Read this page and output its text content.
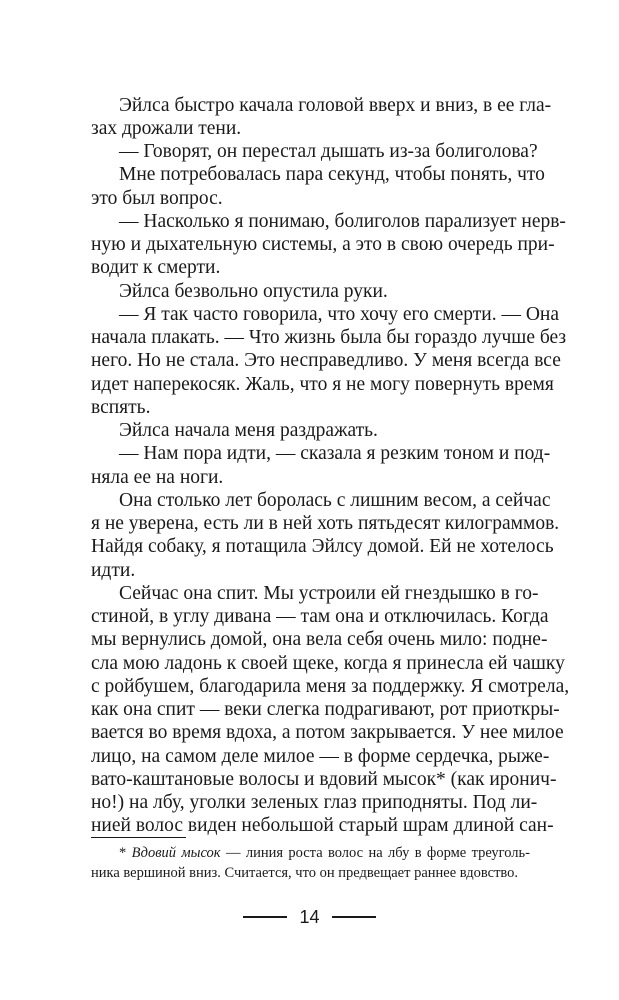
Эйлса быстро качала головой вверх и вниз, в ее гла-
зах дрожали тени.
— Говорят, он перестал дышать из-за болиголова?
Мне потребовалась пара секунд, чтобы понять, что
это был вопрос.
— Насколько я понимаю, болиголов парализует нерв-
ную и дыхательную системы, а это в свою очередь при-
водит к смерти.
Эйлса безвольно опустила руки.
— Я так часто говорила, что хочу его смерти. — Она
начала плакать. — Что жизнь была бы гораздо лучше без
него. Но не стала. Это несправедливо. У меня всегда все
идет наперекосяк. Жаль, что я не могу повернуть время
вспять.
Эйлса начала меня раздражать.
— Нам пора идти, — сказала я резким тоном и под-
няла ее на ноги.
Она столько лет боролась с лишним весом, а сейчас
я не уверена, есть ли в ней хоть пятьдесят килограммов.
Найдя собаку, я потащила Эйлсу домой. Ей не хотелось
идти.
Сейчас она спит. Мы устроили ей гнездышко в го-
стиной, в углу дивана — там она и отключилась. Когда
мы вернулись домой, она вела себя очень мило: подне-
сла мою ладонь к своей щеке, когда я принесла ей чашку
с ройбушем, благодарила меня за поддержку. Я смотрела,
как она спит — веки слегка подрагивают, рот приоткры-
вается во время вдоха, а потом закрывается. У нее милое
лицо, на самом деле милое — в форме сердечка, рыже-
вато-каштановые волосы и вдовий мысок* (как иронич-
но!) на лбу, уголки зеленых глаз приподняты. Под ли-
нией волос виден небольшой старый шрам длиной сан-
* Вдовий мысок — линия роста волос на лбу в форме треуголь-
ника вершиной вниз. Считается, что он предвещает раннее вдовство.
14
